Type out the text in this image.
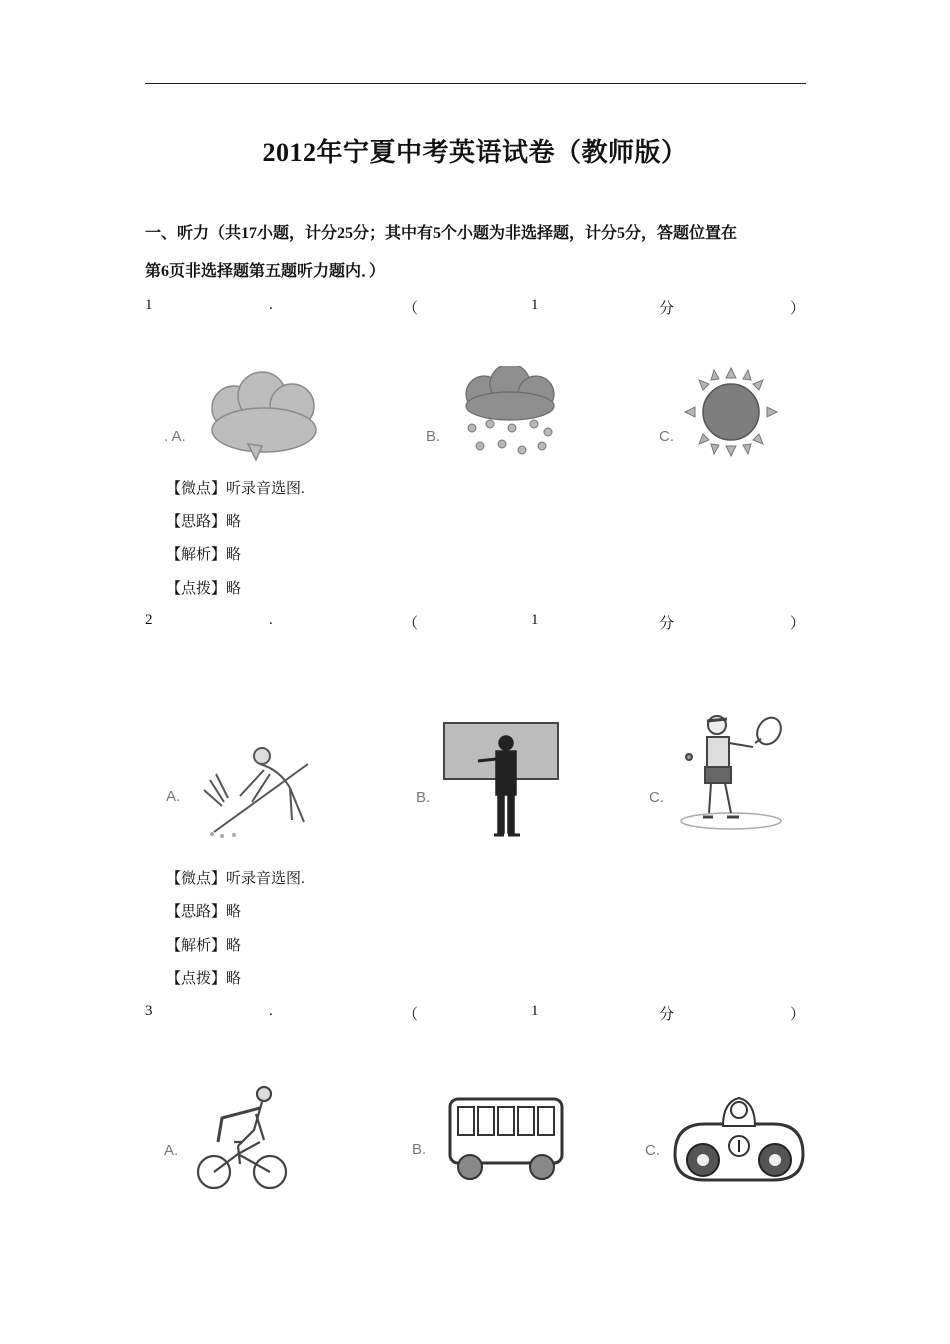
2012年宁夏中考英语试卷（教师版）
一、听力（共17小题，计分25分；其中有5个小题为非选择题，计分5分，答题位置在
第6页非选择题第五题听力题内．）
1	.	（	1	分	）
. A.	B.	C.
【微点】听录音选图.
【思路】略
【解析】略
【点拨】略
2	.	（	1	分	）
A.	B.	C.
【微点】听录音选图.
【思路】略
【解析】略
【点拨】略
3	.	（	1	分	）
A.	B.	C.
